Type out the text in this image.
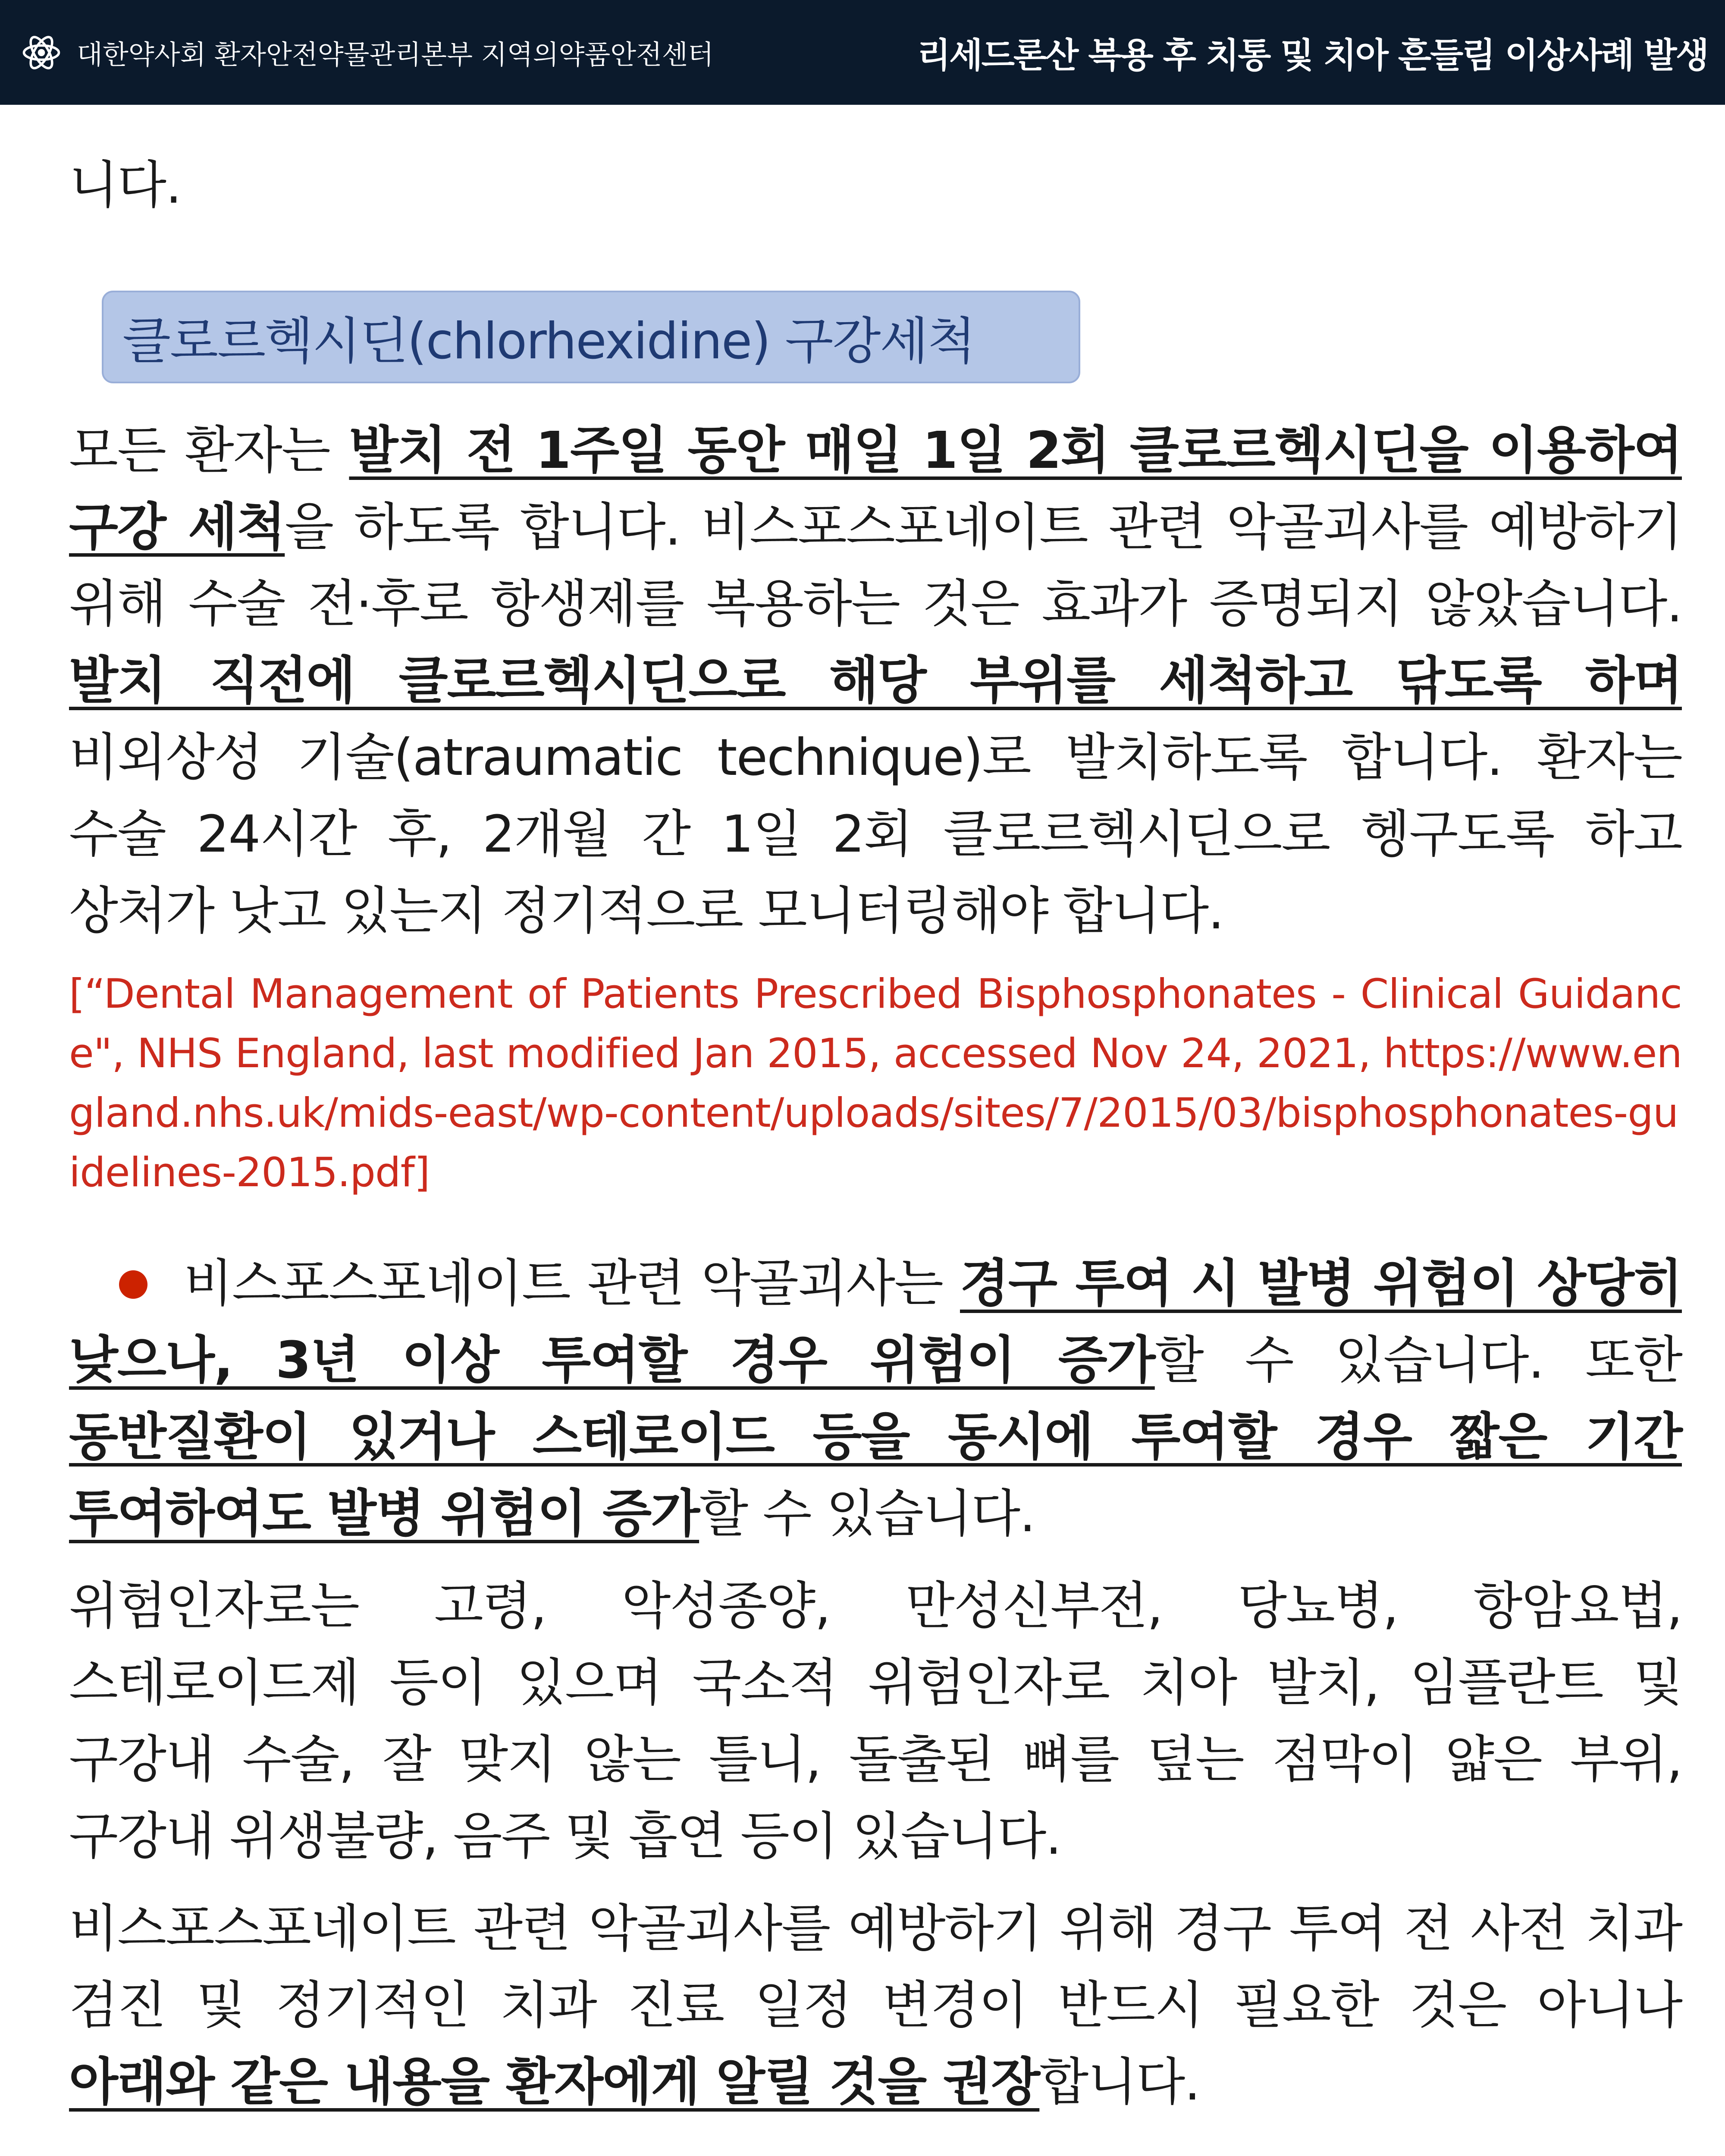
대한약사회 환자안전약물관리본부 지역의약품안전센터	리세드론산 복용 후 치통 및 치아 흔들림 이상사례 발생

니다.

클로르헥시딘(chlorhexidine) 구강세척

모든 환자는 발치 전 1주일 동안 매일 1일 2회 클로르헥시딘을 이용하여 구강 세척을 하도록 합니다. 비스포스포네이트 관련 악골괴사를 예방하기 위해 수술 전·후로 항생제를 복용하는 것은 효과가 증명되지 않았습니다. 발치 직전에 클로르헥시딘으로 해당 부위를 세척하고 닦도록 하며 비외상성 기술(atraumatic technique)로 발치하도록 합니다. 환자는 수술 24시간 후, 2개월 간 1일 2회 클로르헥시딘으로 헹구도록 하고 상처가 낫고 있는지 정기적으로 모니터링해야 합니다.

[“Dental Management of Patients Prescribed Bisphosphonates - Clinical Guidance", NHS England, last modified Jan 2015, accessed Nov 24, 2021, https://www.england.nhs.uk/mids-east/wp-content/uploads/sites/7/2015/03/bisphosphonates-guidelines-2015.pdf]

비스포스포네이트 관련 악골괴사는 경구 투여 시 발병 위험이 상당히 낮으나, 3년 이상 투여할 경우 위험이 증가할 수 있습니다. 또한 동반질환이 있거나 스테로이드 등을 동시에 투여할 경우 짧은 기간 투여하여도 발병 위험이 증가할 수 있습니다.

위험인자로는 고령, 악성종양, 만성신부전, 당뇨병, 항암요법, 스테로이드제 등이 있으며 국소적 위험인자로 치아 발치, 임플란트 및 구강내 수술, 잘 맞지 않는 틀니, 돌출된 뼈를 덮는 점막이 얇은 부위, 구강내 위생불량, 음주 및 흡연 등이 있습니다.

비스포스포네이트 관련 악골괴사를 예방하기 위해 경구 투여 전 사전 치과 검진 및 정기적인 치과 진료 일정 변경이 반드시 필요한 것은 아니나 아래와 같은 내용을 환자에게 알릴 것을 권장합니다.
